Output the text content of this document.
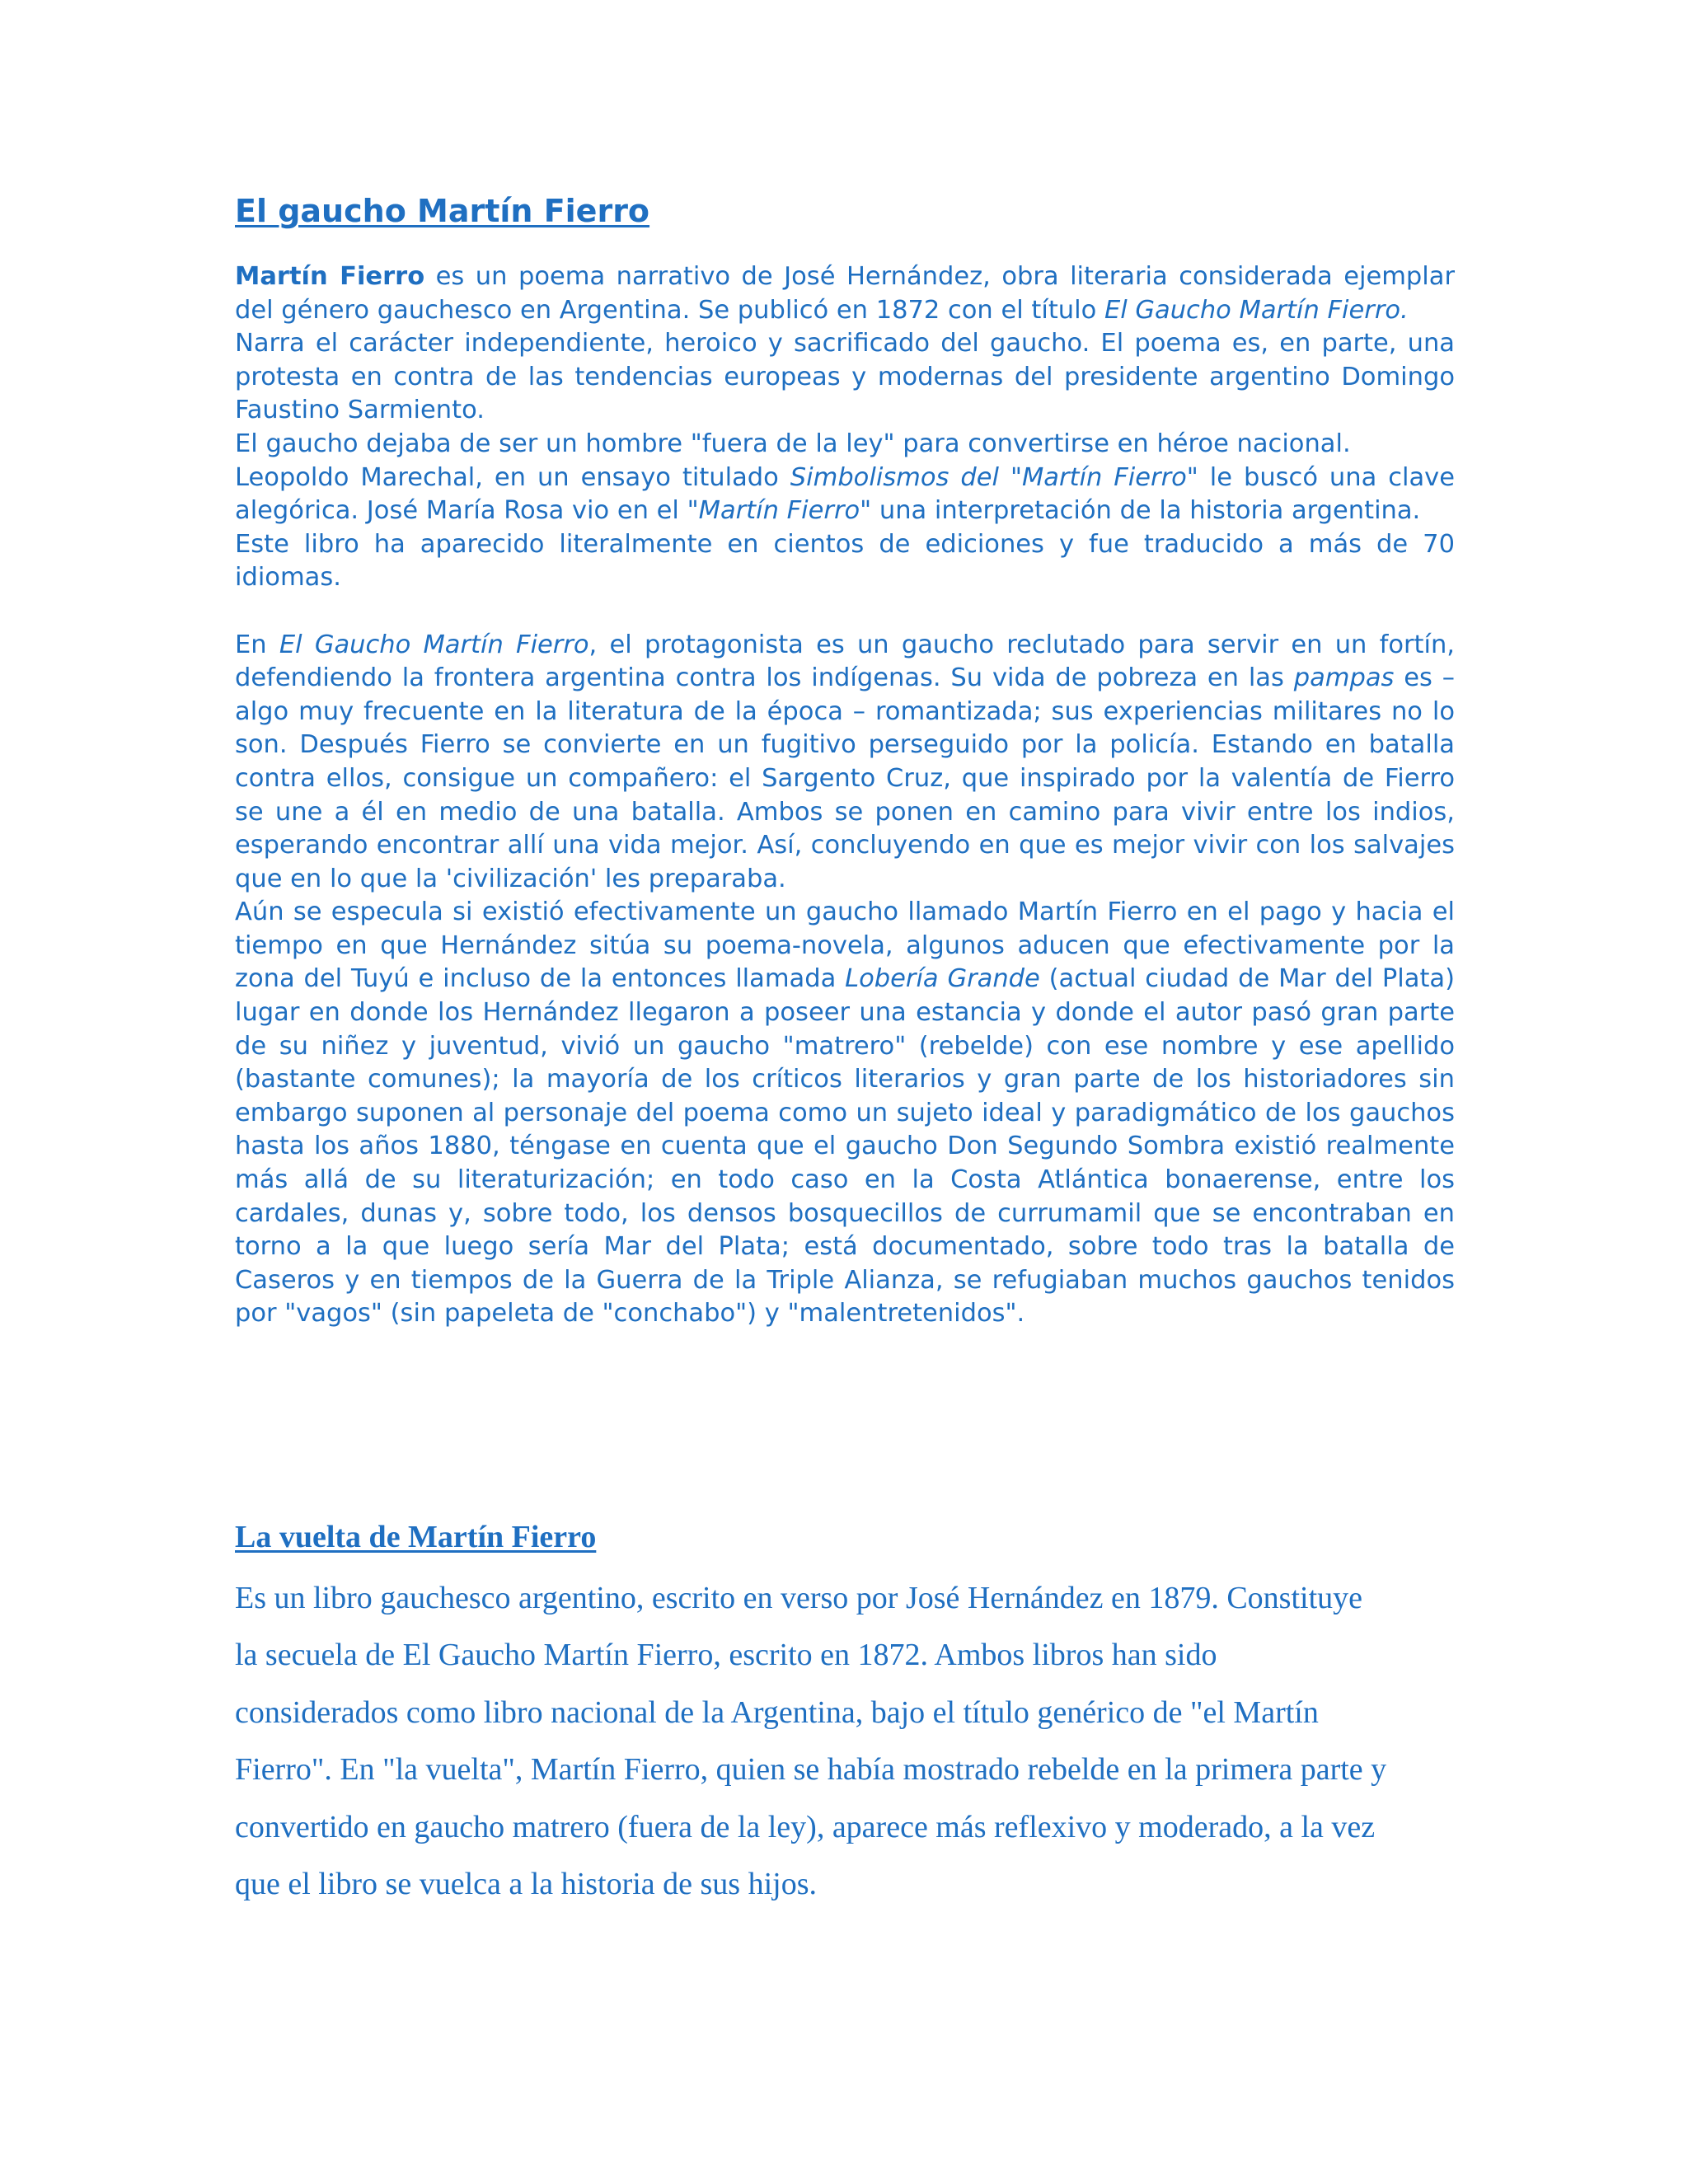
El gaucho Martín Fierro

Martín Fierro es un poema narrativo de José Hernández, obra literaria considerada ejemplar del género gauchesco en Argentina. Se publicó en 1872 con el título El Gaucho Martín Fierro.

Narra el carácter independiente, heroico y sacrificado del gaucho. El poema es, en parte, una protesta en contra de las tendencias europeas y modernas del presidente argentino Domingo Faustino Sarmiento.

El gaucho dejaba de ser un hombre "fuera de la ley" para convertirse en héroe nacional.

Leopoldo Marechal, en un ensayo titulado Simbolismos del "Martín Fierro" le buscó una clave alegórica. José María Rosa vio en el "Martín Fierro" una interpretación de la historia argentina.

Este libro ha aparecido literalmente en cientos de ediciones y fue traducido a más de 70 idiomas.

En El Gaucho Martín Fierro, el protagonista es un gaucho reclutado para servir en un fortín, defendiendo la frontera argentina contra los indígenas. Su vida de pobreza en las pampas es – algo muy frecuente en la literatura de la época – romantizada; sus experiencias militares no lo son. Después Fierro se convierte en un fugitivo perseguido por la policía. Estando en batalla contra ellos, consigue un compañero: el Sargento Cruz, que inspirado por la valentía de Fierro se une a él en medio de una batalla. Ambos se ponen en camino para vivir entre los indios, esperando encontrar allí una vida mejor. Así, concluyendo en que es mejor vivir con los salvajes que en lo que la 'civilización' les preparaba.

Aún se especula si existió efectivamente un gaucho llamado Martín Fierro en el pago y hacia el tiempo en que Hernández sitúa su poema-novela, algunos aducen que efectivamente por la zona del Tuyú e incluso de la entonces llamada Lobería Grande (actual ciudad de Mar del Plata) lugar en donde los Hernández llegaron a poseer una estancia y donde el autor pasó gran parte de su niñez y juventud, vivió un gaucho "matrero" (rebelde) con ese nombre y ese apellido (bastante comunes); la mayoría de los críticos literarios y gran parte de los historiadores sin embargo suponen al personaje del poema como un sujeto ideal y paradigmático de los gauchos hasta los años 1880, téngase en cuenta que el gaucho Don Segundo Sombra existió realmente más allá de su literaturización; en todo caso en la Costa Atlántica bonaerense, entre los cardales, dunas y, sobre todo, los densos bosquecillos de currumamil que se encontraban en torno a la que luego sería Mar del Plata; está documentado, sobre todo tras la batalla de Caseros y en tiempos de la Guerra de la Triple Alianza, se refugiaban muchos gauchos tenidos por "vagos" (sin papeleta de "conchabo") y "malentretenidos".

La vuelta de Martín Fierro
Es un libro gauchesco argentino, escrito en verso por José Hernández en 1879. Constituye
la secuela de El Gaucho Martín Fierro, escrito en 1872. Ambos libros han sido
considerados como libro nacional de la Argentina, bajo el título genérico de "el Martín
Fierro". En "la vuelta", Martín Fierro, quien se había mostrado rebelde en la primera parte y
convertido en gaucho matrero (fuera de la ley), aparece más reflexivo y moderado, a la vez
que el libro se vuelca a la historia de sus hijos.
